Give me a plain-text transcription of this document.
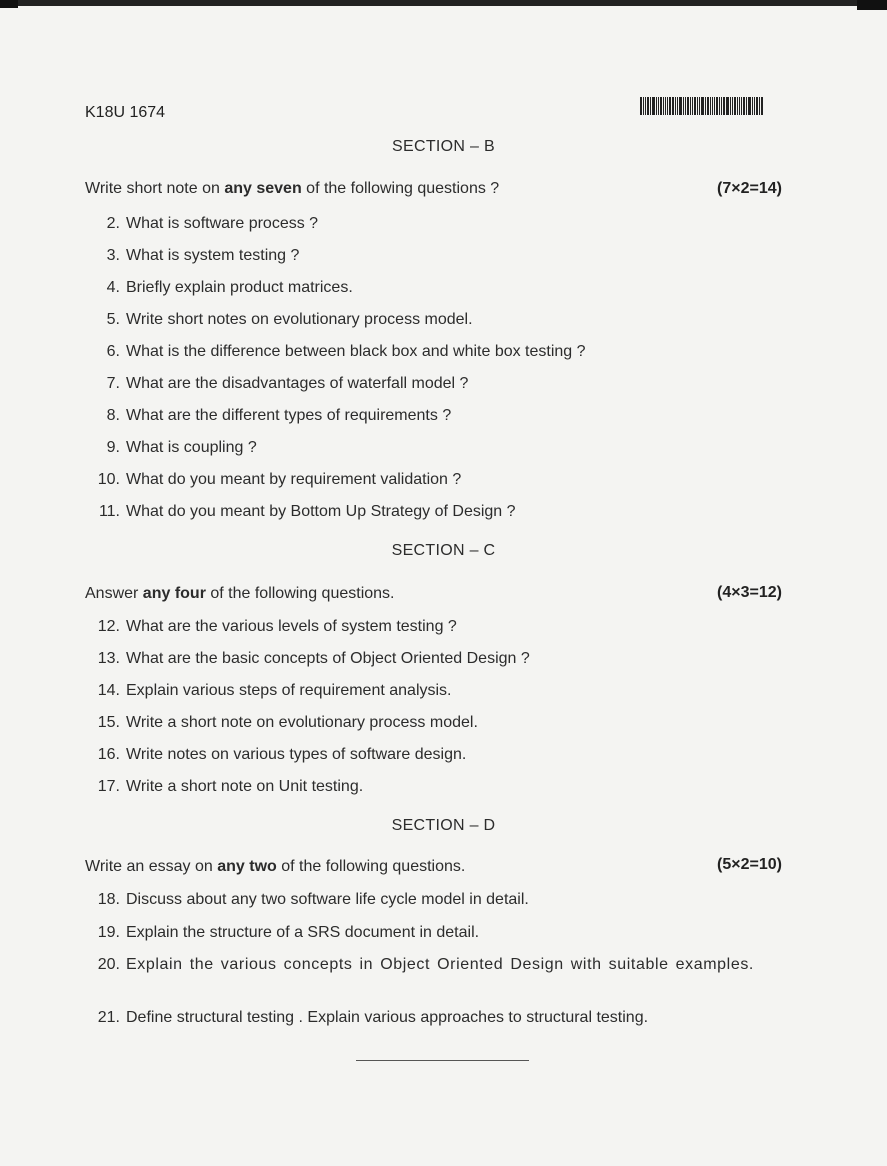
K18U 1674
SECTION – B
Write short note on any seven of the following questions ?	(7×2=14)
2. What is software process ?
3. What is system testing ?
4. Briefly explain product matrices.
5. Write short notes on evolutionary process model.
6. What is the difference between black box and white box testing ?
7. What are the disadvantages of waterfall model ?
8. What are the different types of requirements ?
9. What is coupling ?
10. What do you meant by requirement validation ?
11. What do you meant by Bottom Up Strategy of Design ?
SECTION – C
Answer any four of the following questions.	(4×3=12)
12. What are the various levels of system testing ?
13. What are the basic concepts of Object Oriented Design ?
14. Explain various steps of requirement analysis.
15. Write a short note on evolutionary process model.
16. Write notes on various types of software design.
17. Write a short note on Unit testing.
SECTION – D
Write an essay on any two of the following questions.	(5×2=10)
18. Discuss about any two software life cycle model in detail.
19. Explain the structure of a SRS document in detail.
20. Explain the various concepts in Object Oriented Design with suitable examples.
21. Define structural testing . Explain various approaches to structural testing.
